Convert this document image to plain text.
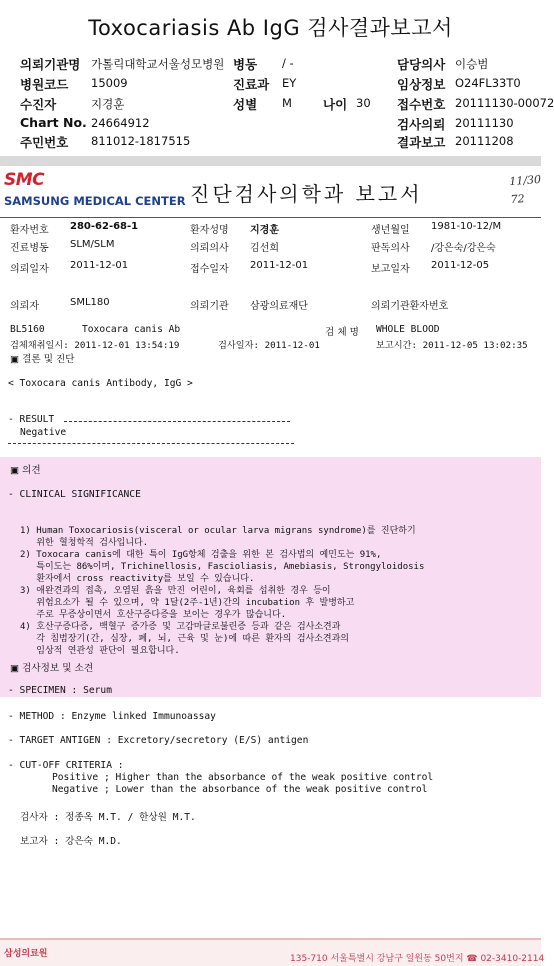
Toxocariasis Ab IgG 검사결과보고서
의뢰기관명 가톨릭대학교서울성모병원
병원코드 15009
수진자	지경훈
Chart No. 24664912
주민번호 811012-1817515
병동 / -
진료과 EY
성별 M 나이 30
담당의사 이승범
임상정보 O24FL33T0
접수번호 20111130-00072
검사의뢰 20111130
결과보고 20111208
SMC
SAMSUNG MEDICAL CENTER 진단검사의학과 보고서
11/30
72
환자번호 280-62-68-1	환자성명 지경훈	생년월일 1981-10-12/M
진료병동 SLM/SLM	의뢰의사 김선희	판독의사 /강은숙/강은숙
의뢰일자 2011-12-01	접수일자 2011-12-01	보고일자 2011-12-05
의뢰자	SML180	의뢰기관 삼광의료재단	의뢰기관환자번호
BL5160	Toxocara canis Ab	검 체 명 WHOLE BLOOD
검체채취일시: 2011-12-01 13:54:19	검사일자: 2011-12-01	보고시간: 2011-12-05 13:02:35
▣ 결론 및 진단
< Toxocara canis Antibody, IgG >
- RESULT
Negative
▣ 의견
- CLINICAL SIGNIFICANCE

1) Human Toxocariosis(visceral or ocular larva migrans syndrome)를 진단하기
위한 혈청학적 검사입니다.
2) Toxocara canis에 대한 특이 IgG항체 검출을 위한 본 검사법의 예민도는 91%,
특이도는 86%이며, Trichinellosis, Fascioliasis, Amebiasis, Strongyloidosis
환자에서 cross reactivity를 보일 수 있습니다.
3) 애완견과의 접촉, 오염된 흙을 만진 어린이, 육회를 섭취한 경우 등이
위험요소가 될 수 있으며, 약 1달(2주-1년)간의 incubation 후 발병하고
주로 무증상이면서 호산구증다증을 보이는 경우가 많습니다.
4) 호산구증다증, 백혈구 증가증 및 고감마글로불린증 등과 같은 검사소견과
각 침범장기(간, 심장, 폐, 뇌, 근육 및 눈)에 따른 환자의 검사소견과의
임상적 연관성 판단이 필요합니다.

▣ 검사정보 및 소견
- SPECIMEN : Serum
- METHOD : Enzyme linked Immunoassay
- TARGET ANTIGEN : Excretory/secretory (E/S) antigen
- CUT-OFF CRITERIA :
Positive ; Higher than the absorbance of the weak positive control
Negative ; Lower than the absorbance of the weak positive control
검사자 : 정종옥 M.T. / 한상원 M.T.
보고자 : 강은숙 M.D.
삼성의료원	135-710 서울특별시 강남구 일원동 50번지 ☎ 02-3410-2114
